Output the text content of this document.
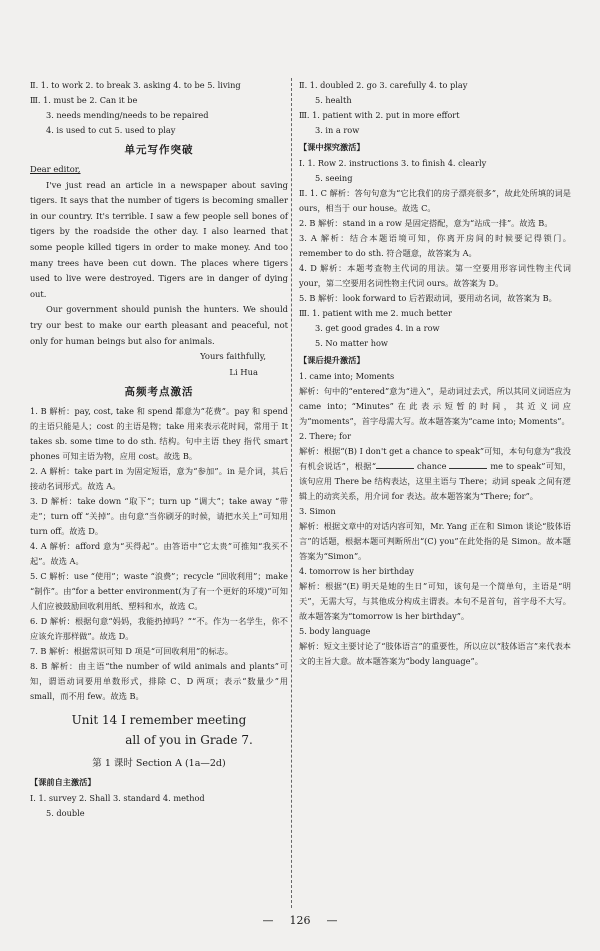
Ⅱ. 1. to work 2. to break 3. asking 4. to be 5. living
Ⅲ. 1. must be 2. Can it be
3. needs mending/needs to be repaired
4. is used to cut 5. used to play
单元写作突破
Dear editor,
I've just read an article in a newspaper about saving tigers. It says that the number of tigers is becoming smaller in our country. It's terrible. I saw a few people sell bones of tigers by the roadside the other day. I also learned that some people killed tigers in order to make money. And too many trees have been cut down. The places where tigers used to live were destroyed. Tigers are in danger of dying out.
Our government should punish the hunters. We should try our best to make our earth pleasant and peaceful, not only for human beings but also for animals.
Yours faithfully,
Li Hua
高频考点激活
1. B 解析：pay, cost, take 和 spend 都意为“花费”。pay 和 spend 的主语只能是人；cost 的主语是物；take 用来表示花时间，常用于 It takes sb. some time to do sth. 结构。句中主语 they 指代 smart phones 可知主语为物，应用 cost。故选 B。
2. A 解析：take part in 为固定短语，意为“参加”。in 是介词，其后接动名词形式。故选 A。
3. D 解析：take down “取下”；turn up “调大”；take away “带走”；turn off “关掉”。由句意“当你刷牙的时候，请把水关上”可知用 turn off。故选 D。
4. A 解析：afford 意为“买得起”。由答语中“它太贵”可推知“我买不起”。故选 A。
5. C 解析：use “使用”；waste “浪费”；recycle “回收利用”；make “制作”。由“for a better environment(为了有一个更好的环境)”可知人们应被鼓励回收利用纸、塑料和水，故选 C。
6. D 解析：根据句意“妈妈，我能扔掉吗？”“不。作为一名学生，你不应该允许那样做”。故选 D。
7. B 解析：根据常识可知 D 项是“可回收利用”的标志。
8. B 解析：由主语“the number of wild animals and plants”可知，谓语动词要用单数形式，排除 C、D 两项；表示“数量少”用 small，而不用 few。故选 B。
Unit 14 I remember meeting
all of you in Grade 7.
第 1 课时 Section A (1a—2d)
【课前自主激活】
Ⅰ. 1. survey 2. Shall 3. standard 4. method
5. double
Ⅱ. 1. doubled 2. go 3. carefully 4. to play
5. health
Ⅲ. 1. patient with 2. put in more effort
3. in a row
【课中探究激活】
Ⅰ. 1. Row 2. instructions 3. to finish 4. clearly
5. seeing
Ⅱ. 1. C 解析：答句句意为“它比我们的房子漂亮很多”，故此处所填的词是 ours，相当于 our house。故选 C。
2. B 解析：stand in a row 是固定搭配，意为“站成一排”。故选 B。
3. A 解析：结合本题语境可知，你离开房间的时候要记得锁门。remember to do sth. 符合题意，故答案为 A。
4. D 解析：本题考查物主代词的用法。第一空要用形容词性物主代词 your，第二空要用名词性物主代词 ours。故答案为 D。
5. B 解析：look forward to 后若跟动词，要用动名词，故答案为 B。
Ⅲ. 1. patient with me 2. much better
3. get good grades 4. in a row
5. No matter how
【课后提升激活】
1. came into; Moments
解析：句中的“entered”意为“进入”，是动词过去式，所以其同义词语应为 came into；“Minutes”在此表示短暂的时间，其近义词应为“moments”，首字母需大写。故本题答案为“came into; Moments”。
2. There; for
解析：根据“(B) I don't get a chance to speak”可知，本句句意为“我没有机会说话”，根据“	chance	me to speak”可知，该句应用 There be 结构表达，这里主语与 There；动词 speak 之间有逻辑上的动宾关系，用介词 for 表达。故本题答案为“There; for”。
3. Simon
解析：根据文章中的对话内容可知，Mr. Yang 正在和 Simon 谈论“肢体语言”的话题，根据本题可判断所出“(C) you”在此处指的是 Simon。故本题答案为“Simon”。
4. tomorrow is her birthday
解析：根据“(E) 明天是她的生日”可知，该句是一个简单句，主语是“明天”，无需大写，与其他成分构成主谓表。本句不是首句，首字母不大写。故本题答案为“tomorrow is her birthday”。
5. body language
解析：短文主要讨论了“肢体语言”的重要性，所以应以“肢体语言”来代表本文的主旨大意。故本题答案为“body language”。
— 126 —
